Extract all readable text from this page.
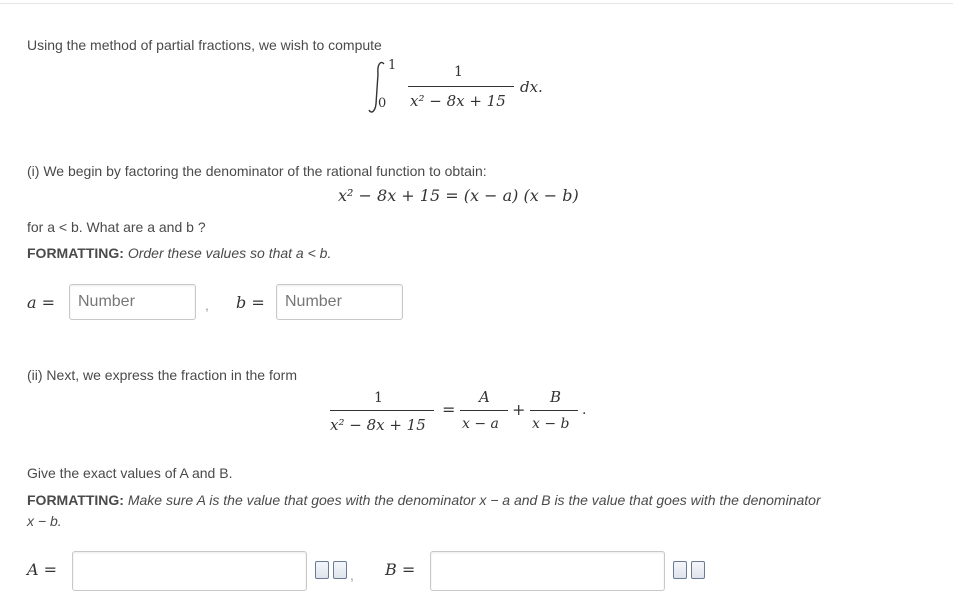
Using the method of partial fractions, we wish to compute
1
0
1
x² − 8x + 15
dx.
(i) We begin by factoring the denominator of the rational function to obtain:
x² − 8x + 15 = (x − a) (x − b)
for a < b. What are a and b ?
FORMATTING: Order these values so that a < b.
a =	Number	, b =	Number
(ii) Next, we express the fraction in the form
1
x² − 8x + 15
=
A
x − a
+
B
x − b
.
Give the exact values of A and B.
FORMATTING: Make sure A is the value that goes with the denominator x − a and B is the value that goes with the denominator x − b.
A =	, B =
